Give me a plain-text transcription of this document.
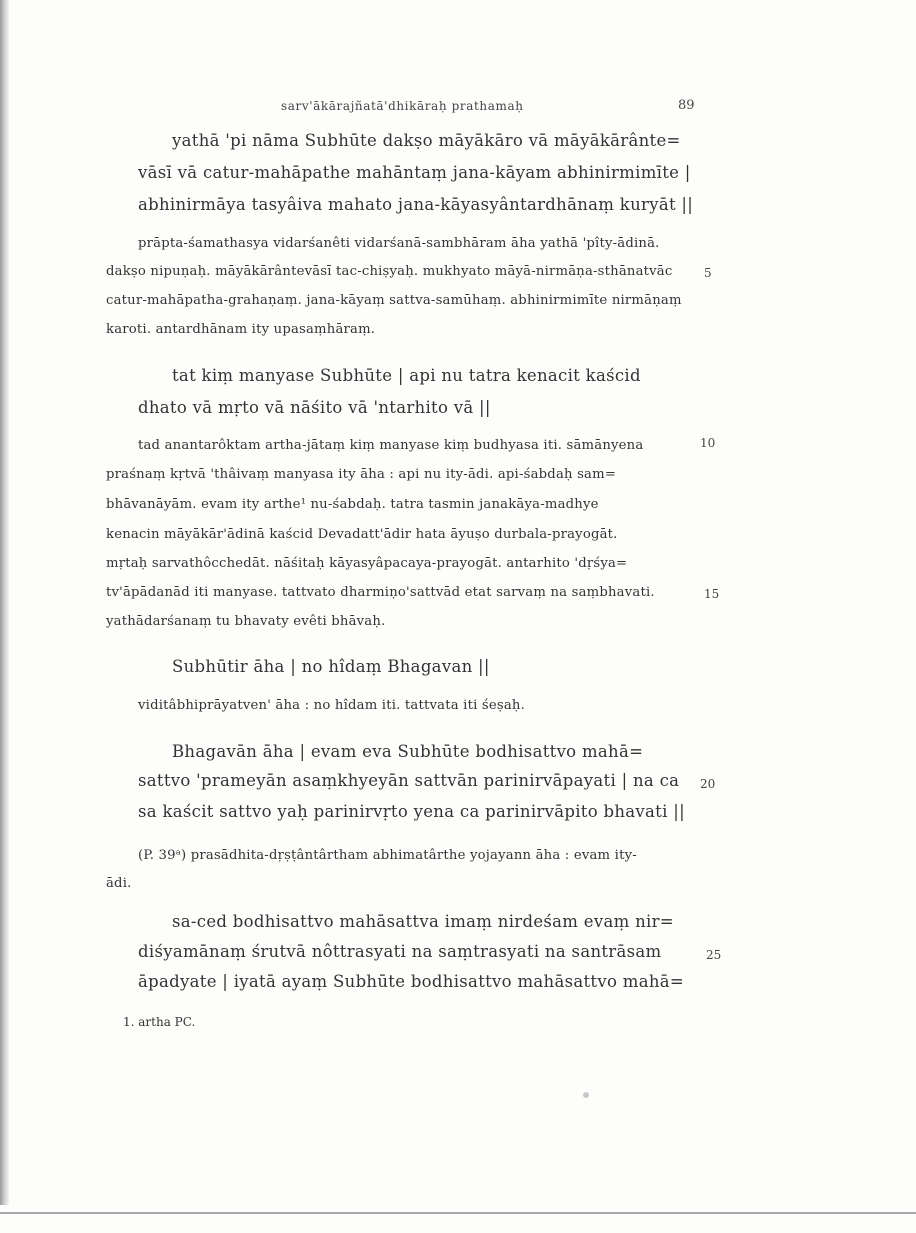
sarv'ākārajñatā'dhikāraḥ prathamaḥ	89
yathā 'pi nāma Subhūte dakṣo māyākāro vā māyākārânte=
vāsī vā catur-mahāpathe mahāntaṃ jana-kāyam abhinirmimīte |
abhinirmāya tasyâiva mahato jana-kāyasyântardhānaṃ kuryāt ||
prāpta-śamathasya vidarśanêti vidarśanā-sambhāram āha yathā 'pîty-ādinā.
dakṣo nipuṇaḥ. māyākārântevāsī tac-chiṣyaḥ. mukhyato māyā-nirmāṇa-sthānatvāc	5
catur-mahāpatha-grahaṇaṃ. jana-kāyaṃ sattva-samūhaṃ. abhinirmimīte nirmāṇaṃ
karoti. antardhānam ity upasaṃhāraṃ.
tat kiṃ manyase Subhūte | api nu tatra kenacit kaścid
dhato vā mṛto vā nāśito vā 'ntarhito vā ||
tad anantarôktam artha-jātaṃ kiṃ manyase kiṃ budhyasa iti. sāmānyena	10
praśnaṃ kṛtvā 'thâivaṃ manyasa ity āha : api nu ity-ādi. api-śabdaḥ sam=
bhāvanāyām. evam ity arthe¹ nu-śabdaḥ. tatra tasmin janakāya-madhye
kenacin māyākār'ādinā kaścid Devadatt'ādir hata āyuṣo durbala-prayogāt.
mṛtaḥ sarvathôcchedāt. nāśitaḥ kāyasyâpacaya-prayogāt. antarhito 'dṛśya=
tv'āpādanād iti manyase. tattvato dharmiṇo'sattvād etat sarvaṃ na saṃbhavati.	15
yathādarśanaṃ tu bhavaty evêti bhāvaḥ.
Subhūtir āha | no hîdaṃ Bhagavan ||
viditâbhiprāyatven' āha : no hîdam iti. tattvata iti śeṣaḥ.
Bhagavān āha | evam eva Subhūte bodhisattvo mahā=
sattvo 'prameyān asaṃkhyeyān sattvān parinirvāpayati | na ca 20
sa kaścit sattvo yaḥ parinirvṛto yena ca parinirvāpito bhavati ||
(P. 39ᵃ) prasādhita-dṛṣṭântârtham abhimatârthe yojayann āha : evam ity-
ādi.
sa-ced bodhisattvo mahāsattva imaṃ nirdeśam evaṃ nir=
diśyamānaṃ śrutvā nôttrasyati na saṃtrasyati na santrāsam	25
āpadyate | iyatā ayaṃ Subhūte bodhisattvo mahāsattvo mahā=
1. artha PC.
